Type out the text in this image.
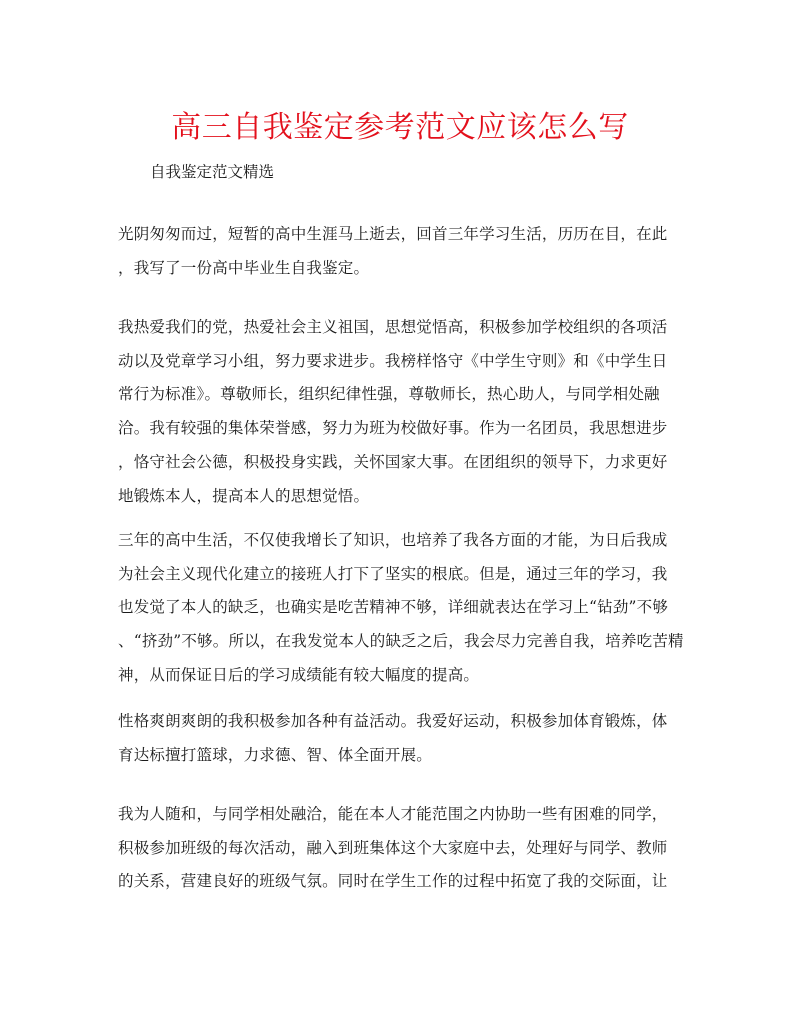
高三自我鉴定参考范文应该怎么写

自我鉴定范文精选

光阴匆匆而过，短暂的高中生涯马上逝去，回首三年学习生活，历历在目，在此
，我写了一份高中毕业生自我鉴定。

我热爱我们的党，热爱社会主义祖国，思想觉悟高，积极参加学校组织的各项活
动以及党章学习小组，努力要求进步。我榜样恪守《中学生守则》和《中学生日
常行为标准》。尊敬师长，组织纪律性强，尊敬师长，热心助人，与同学相处融
洽。我有较强的集体荣誉感，努力为班为校做好事。作为一名团员，我思想进步
，恪守社会公德，积极投身实践，关怀国家大事。在团组织的领导下，力求更好
地锻炼本人，提高本人的思想觉悟。

三年的高中生活，不仅使我增长了知识，也培养了我各方面的才能，为日后我成
为社会主义现代化建立的接班人打下了坚实的根底。但是，通过三年的学习，我
也发觉了本人的缺乏，也确实是吃苦精神不够，详细就表达在学习上“钻劲”不够
、“挤劲”不够。所以，在我发觉本人的缺乏之后，我会尽力完善自我，培养吃苦精
神，从而保证日后的学习成绩能有较大幅度的提高。

性格爽朗爽朗的我积极参加各种有益活动。我爱好运动，积极参加体育锻炼，体
育达标擅打篮球，力求德、智、体全面开展。

我为人随和，与同学相处融洽，能在本人才能范围之内协助一些有困难的同学，
积极参加班级的每次活动，融入到班集体这个大家庭中去，处理好与同学、教师
的关系，营建良好的班级气氛。同时在学生工作的过程中拓宽了我的交际面，让
